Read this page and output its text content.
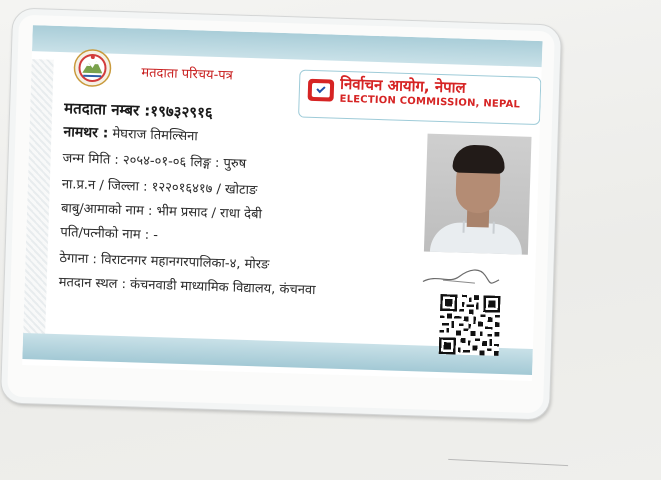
मतदाता परिचय-पत्र
निर्वाचन आयोग, नेपाल
ELECTION COMMISSION, NEPAL
मतदाता नम्बर :१९७३२९१६
नामथर : मेघराज तिमल्सिना
जन्म मिति : २०५४-०१-०६ लिङ्ग : पुरुष
ना.प्र.न / जिल्ला : १२२०१६४१७ / खोटाङ
बाबु/आमाको नाम : भीम प्रसाद / राधा देबी
पति/पत्नीको नाम : -
ठेगाना : विराटनगर महानगरपालिका-४, मोरङ
मतदान स्थल : कंचनवाडी माध्यामिक विद्यालय, कंचनवा
